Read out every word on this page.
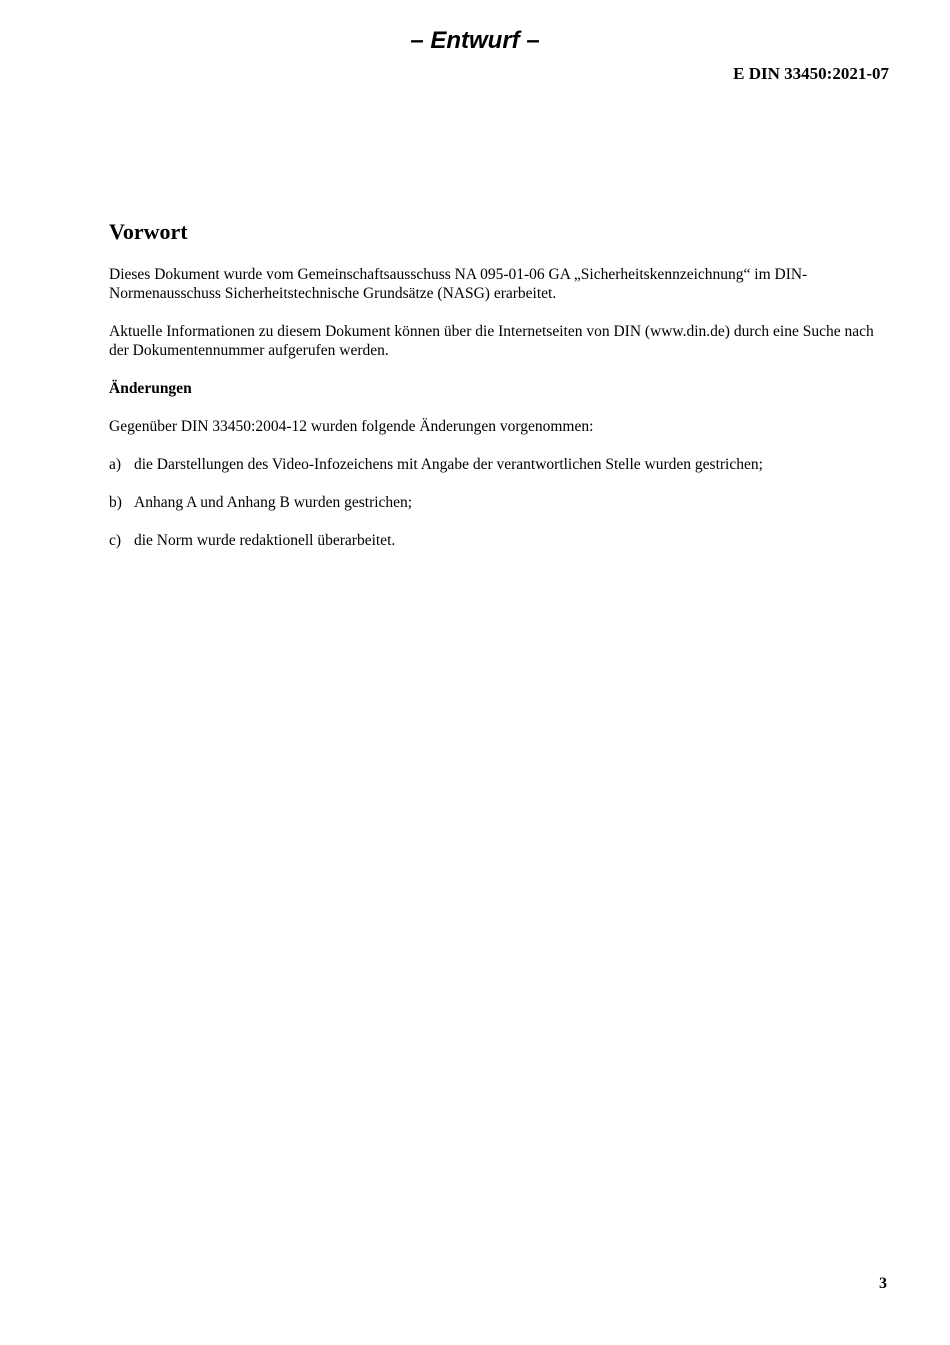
– Entwurf –
E DIN 33450:2021-07
Vorwort

Dieses Dokument wurde vom Gemeinschaftsausschuss NA 095-01-06 GA „Sicherheitskennzeichnung“ im DIN-Normenausschuss Sicherheitstechnische Grundsätze (NASG) erarbeitet.

Aktuelle Informationen zu diesem Dokument können über die Internetseiten von DIN (www.din.de) durch eine Suche nach der Dokumentennummer aufgerufen werden.

Änderungen

Gegenüber DIN 33450:2004-12 wurden folgende Änderungen vorgenommen:

a) die Darstellungen des Video-Infozeichens mit Angabe der verantwortlichen Stelle wurden gestrichen;
b) Anhang A und Anhang B wurden gestrichen;
c) die Norm wurde redaktionell überarbeitet.
3
